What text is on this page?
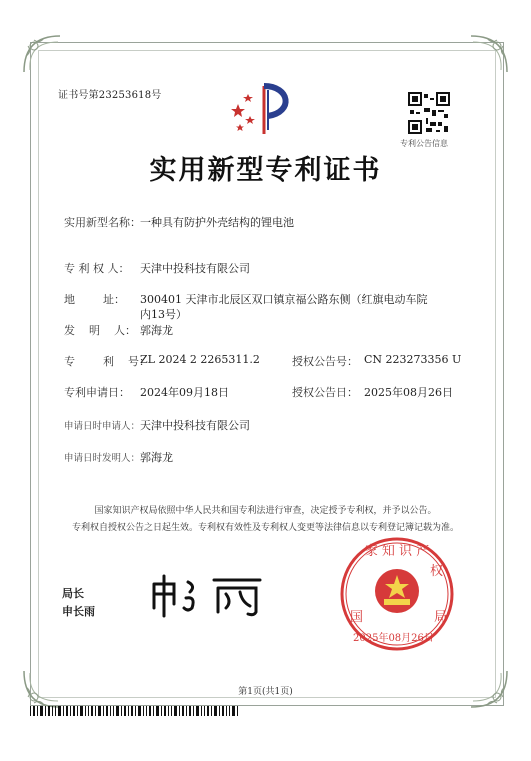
证书号第23253618号
专利公告信息
实用新型专利证书
实用新型名称： 一种具有防护外壳结构的锂电池
专 利 权 人： 天津中投科技有限公司
地        址： 300401 天津市北辰区双口镇京福公路东侧（红旗电动车院
内13号）
发    明    人： 郭海龙
专        利    号：
ZL 2024 2 2265311.2	授权公告号： CN 223273356 U
专利申请日： 2024年09月18日	授权公告日： 2025年08月26日
申请日时申请人： 天津中投科技有限公司
申请日时发明人： 郭海龙
国家知识产权局依照中华人民共和国专利法进行审查，决定授予专利权，并予以公告。
专利权自授权公告之日起生效。专利权有效性及专利权人变更等法律信息以专利登记簿记载为准。
局长
申长雨
家 知 识 产
国	局
权
2025年08月26日
第1页(共1页)
